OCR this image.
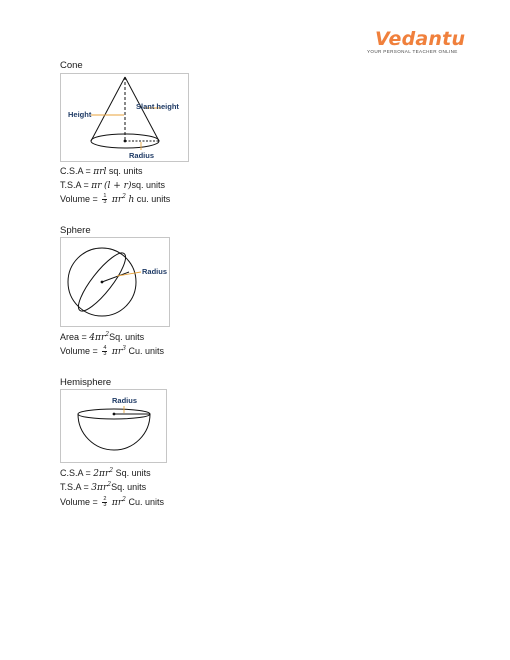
Vedantu
YOUR PERSONAL TEACHER ONLINE
Cone
Height
Slant height
Radius
C.S.A = πrl sq. units
T.S.A = πr (l + r)sq. units
Volume = $\frac{1}{3} \pi r^2$ h cu. units
Sphere
Radius
Area = $4\pi r^2Sq$. units
Volume = $\frac{4}{3} \pi r^3$ Cu. units
Hemisphere
Radius
$C.S.A = 2\pi r^2$ Sq. units
$T.S.A = 3\pi r^2Sq$. units
Volume = $\frac{2}{3} \pi r^2$ Cu. units
